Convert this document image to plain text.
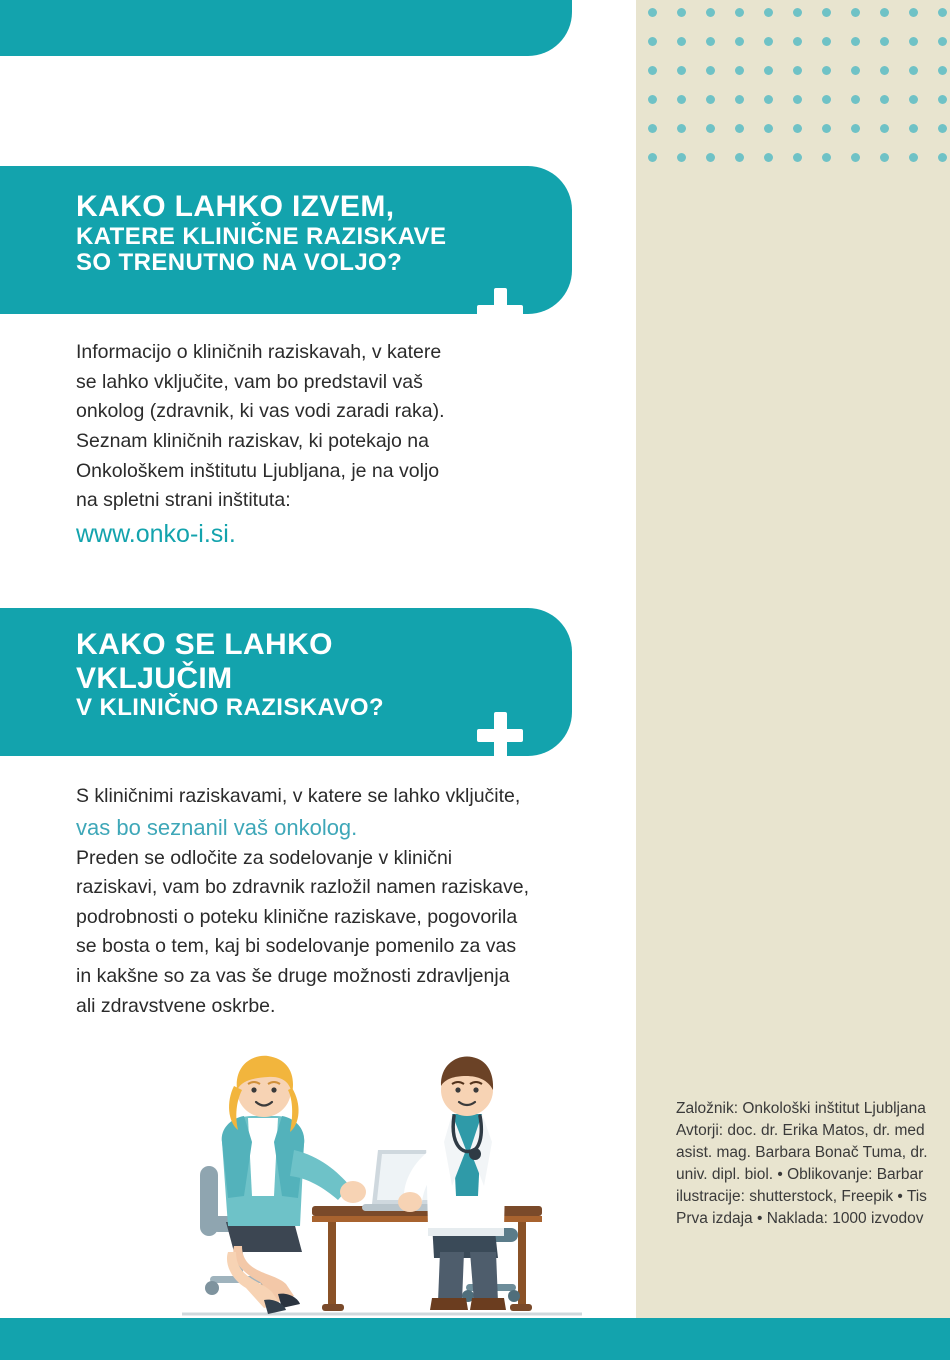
KAKO LAHKO IZVEM,
KATERE KLINIČNE RAZISKAVE
SO TRENUTNO NA VOLJO?

Informacijo o kliničnih raziskavah, v katere

se lahko vključite, vam bo predstavil vaš

onkolog (zdravnik, ki vas vodi zaradi raka).

Seznam kliničnih raziskav, ki potekajo na

Onkološkem inštitutu Ljubljana, je na voljo

na spletni strani inštituta:

www.onko-i.si.

KAKO SE LAHKO
VKLJUČIM
V KLINIČNO RAZISKAVO?

S kliničnimi raziskavami, v katere se lahko vključite,

vas bo seznanil vaš onkolog.

Preden se odločite za sodelovanje v klinični

raziskavi, vam bo zdravnik razložil namen raziskave,

podrobnosti o poteku klinične raziskave, pogovorila

se bosta o tem, kaj bi sodelovanje pomenilo za vas

in kakšne so za vas še druge možnosti zdravljenja

ali zdravstvene oskrbe.

Založnik: Onkološki inštitut Ljubljana

Avtorji: doc. dr. Erika Matos, dr. med

asist. mag. Barbara Bonač Tuma, dr.

univ. dipl. biol. • Oblikovanje: Barbar

ilustracije: shutterstock, Freepik • Tis

Prva izdaja • Naklada: 1000 izvodov
